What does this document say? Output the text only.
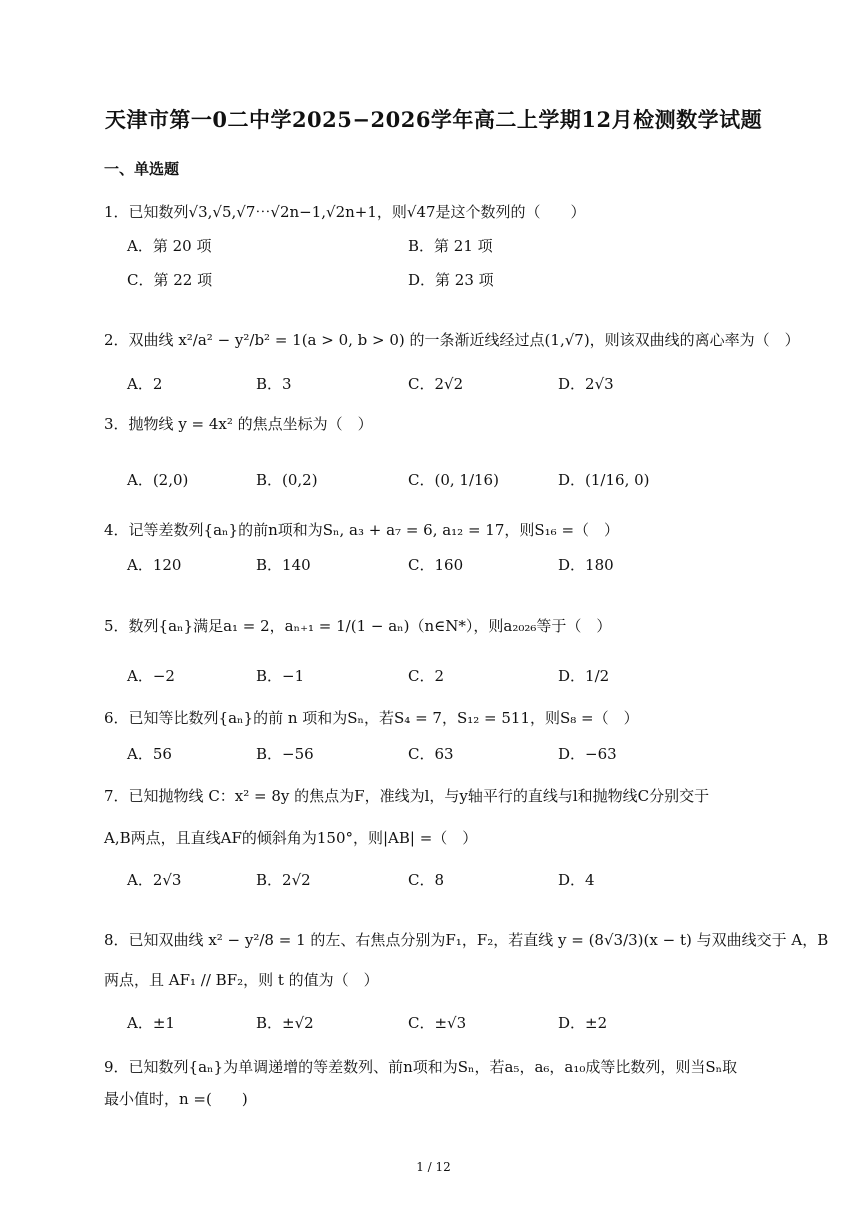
天津市第一0二中学2025−2026学年高二上学期12月检测数学试题
一、单选题
1．已知数列√3,√5,√7⋯√2n−1,√2n+1，则√47是这个数列的（　　）
A．第 20 项	B．第 21 项
C．第 22 项	D．第 23 项
2．双曲线 x²/a² − y²/b² = 1(a > 0, b > 0) 的一条渐近线经过点(1,√7)，则该双曲线的离心率为（　）
A．2	B．3	C．2√2	D．2√3
3．抛物线 y = 4x² 的焦点坐标为（　）
A．(2,0)	B．(0,2)	C．(0, 1/16)	D．(1/16, 0)
4．记等差数列{aₙ}的前n项和为Sₙ, a₃ + a₇ = 6, a₁₂ = 17，则S₁₆ =（　）
A．120	B．140	C．160	D．180
5．数列{aₙ}满足a₁ = 2，aₙ₊₁ = 1/(1 − aₙ)（n∈N*），则a₂₀₂₆等于（　）
A．−2	B．−1	C．2	D．1/2
6．已知等比数列{aₙ}的前 n 项和为Sₙ，若S₄ = 7，S₁₂ = 511，则S₈ =（　）
A．56	B．−56	C．63	D．−63
7．已知抛物线 C：x² = 8y 的焦点为F，准线为l，与y轴平行的直线与l和抛物线C分别交于
A,B两点，且直线AF的倾斜角为150°，则|AB| =（　）
A．2√3	B．2√2	C．8	D．4
8．已知双曲线 x² − y²/8 = 1 的左、右焦点分别为F₁，F₂，若直线 y = (8√3/3)(x − t) 与双曲线交于 A，B
两点，且 AF₁ // BF₂，则 t 的值为（　）
A．±1	B．±√2	C．±√3	D．±2
9．已知数列{aₙ}为单调递增的等差数列、前n项和为Sₙ，若a₅，a₆，a₁₀成等比数列，则当Sₙ取
最小值时，n =(　　)
1 / 12
